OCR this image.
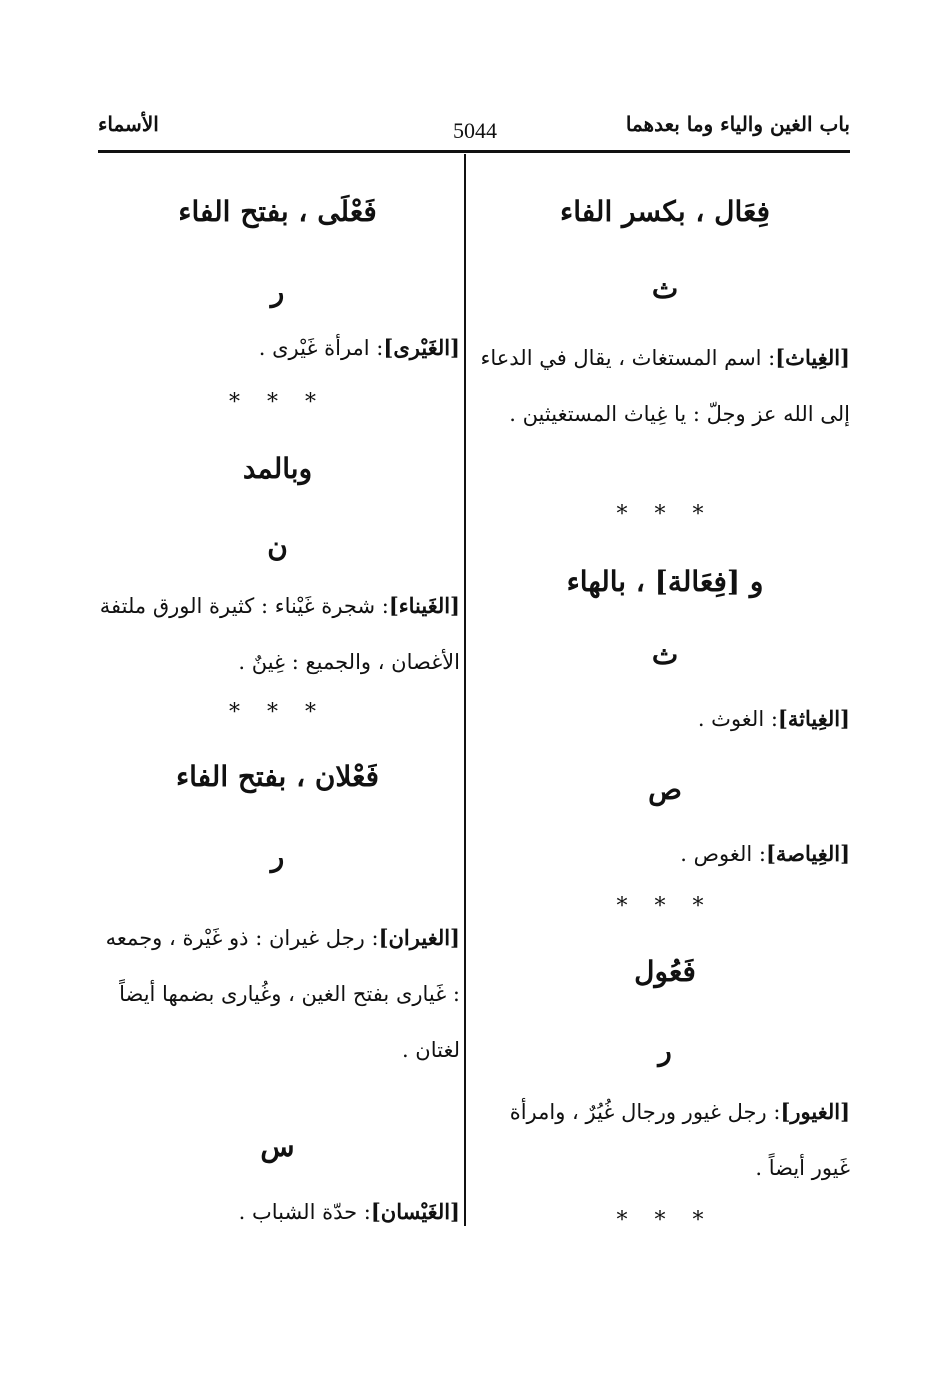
باب الغين والياء وما بعدهما
5044
الأسماء
فِعَال ، بكسر الفاء
ث
[الغِياث]: اسم المستغاث ، يقال في الدعاء إلى الله عز وجلّ : يا غِياث المستغيثين .
* * *
و [فِعَالة] ، بالهاء
ث
[الغِياثة]: الغوث .
ص
[الغِياصة]: الغوص .
* * *
فَعُول
ر
[الغيور]: رجل غيور ورجال غُيُرٌ ، وامرأة غَيور أيضاً .
* * *
فَعْلَى ، بفتح الفاء
ر
[الغَيْرى]: امرأة غَيْرى .
* * *
وبالمد
ن
[الغَيناء]: شجرة غَيْناء : كثيرة الورق ملتفة الأغصان ، والجميع : غِينٌ .
* * *
فَعْلان ، بفتح الفاء
ر
[الغيران]: رجل غيران : ذو غَيْرة ، وجمعه : غَيارى بفتح الغين ، وغُيارى بضمها أيضاً لغتان .
س
[الغَيْسان]: حدّة الشباب .
